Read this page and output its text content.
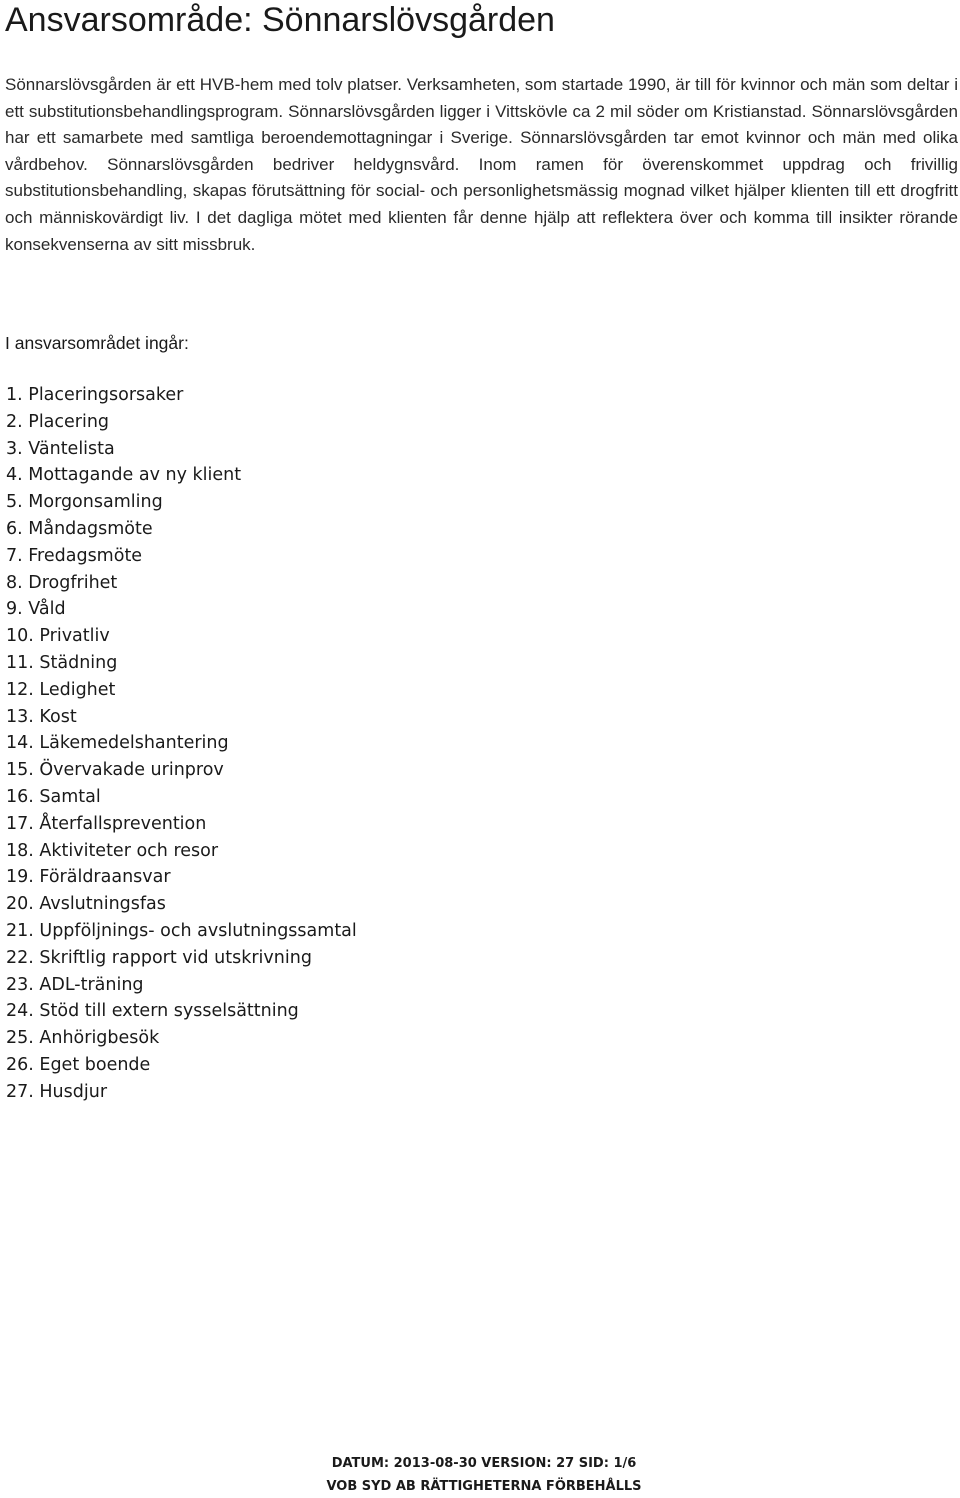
Ansvarsområde: Sönnarslövsgården

Sönnarslövsgården är ett HVB-hem med tolv platser. Verksamheten, som startade 1990, är till för kvinnor och män som deltar i ett substitutionsbehandlingsprogram. Sönnarslövsgården ligger i Vittskövle ca 2 mil söder om Kristianstad. Sönnarslövsgården har ett samarbete med samtliga beroendemottagningar i Sverige. Sönnarslövsgården tar emot kvinnor och män med olika vårdbehov. Sönnarslövsgården bedriver heldygnsvård. Inom ramen för överenskommet uppdrag och frivillig substitutionsbehandling, skapas förutsättning för social- och personlighetsmässig mognad vilket hjälper klienten till ett drogfritt och människovärdigt liv. I det dagliga mötet med klienten får denne hjälp att reflektera över och komma till insikter rörande konsekvenserna av sitt missbruk.

I ansvarsområdet ingår:

1. Placeringsorsaker
2. Placering
3. Väntelista
4. Mottagande av ny klient
5. Morgonsamling
6. Måndagsmöte
7. Fredagsmöte
8. Drogfrihet
9. Våld
10. Privatliv
11. Städning
12. Ledighet
13. Kost
14. Läkemedelshantering
15. Övervakade urinprov
16. Samtal
17. Återfallsprevention
18. Aktiviteter och resor
19. Föräldraansvar
20. Avslutningsfas
21. Uppföljnings- och avslutningssamtal
22. Skriftlig rapport vid utskrivning
23. ADL-träning
24. Stöd till extern sysselsättning
25. Anhörigbesök
26. Eget boende
27. Husdjur
DATUM: 2013-08-30 VERSION: 27 SID: 1/6
VOB SYD AB RÄTTIGHETERNA FÖRBEHÅLLS
